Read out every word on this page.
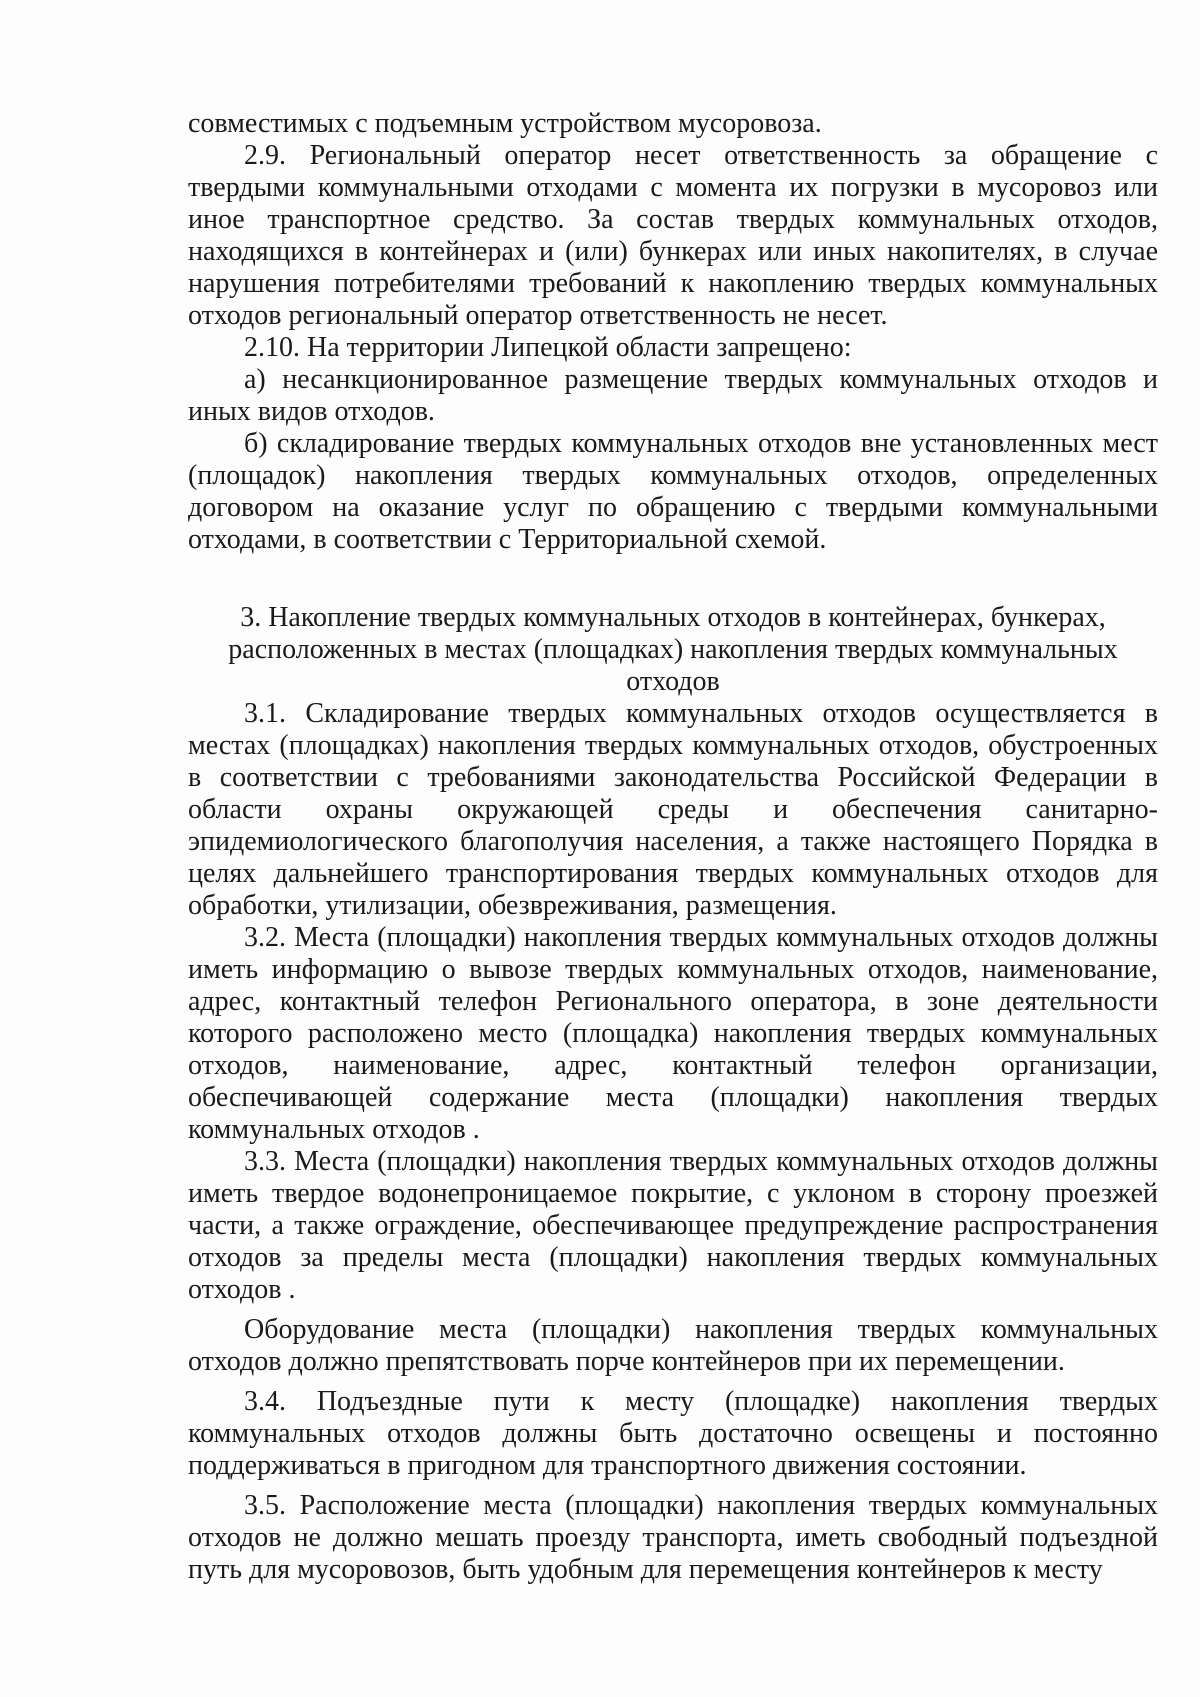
совместимых с подъемным устройством мусоровоза.

2.9. Региональный оператор несет ответственность за обращение с твердыми коммунальными отходами с момента их погрузки в мусоровоз или иное транспортное средство. За состав твердых коммунальных отходов, находящихся в контейнерах и (или) бункерах или иных накопителях, в случае нарушения потребителями требований к накоплению твердых коммунальных отходов региональный оператор ответственность не несет.

2.10. На территории Липецкой области запрещено:

а) несанкционированное размещение твердых коммунальных отходов и иных видов отходов.

б) складирование твердых коммунальных отходов вне установленных мест (площадок) накопления твердых коммунальных отходов, определенных договором на оказание услуг по обращению с твердыми коммунальными отходами, в соответствии с Территориальной схемой.

3. Накопление твердых коммунальных отходов в контейнерах, бункерах, расположенных в местах (площадках) накопления твердых коммунальных отходов

3.1. Складирование твердых коммунальных отходов осуществляется в местах (площадках) накопления твердых коммунальных отходов, обустроенных в соответствии с требованиями законодательства Российской Федерации в области охраны окружающей среды и обеспечения санитарно-эпидемиологического благополучия населения, а также настоящего Порядка в целях дальнейшего транспортирования твердых коммунальных отходов для обработки, утилизации, обезвреживания, размещения.

3.2. Места (площадки) накопления твердых коммунальных отходов должны иметь информацию о вывозе твердых коммунальных отходов, наименование, адрес, контактный телефон Регионального оператора, в зоне деятельности которого расположено место (площадка) накопления твердых коммунальных отходов, наименование, адрес, контактный телефон организации, обеспечивающей содержание места (площадки) накопления твердых коммунальных отходов .

3.3. Места (площадки) накопления твердых коммунальных отходов должны иметь твердое водонепроницаемое покрытие, с уклоном в сторону проезжей части, а также ограждение, обеспечивающее предупреждение распространения отходов за пределы места (площадки) накопления твердых коммунальных отходов .

Оборудование места (площадки) накопления твердых коммунальных отходов должно препятствовать порче контейнеров при их перемещении.

3.4. Подъездные пути к месту (площадке) накопления твердых коммунальных отходов должны быть достаточно освещены и постоянно поддерживаться в пригодном для транспортного движения состоянии.

3.5. Расположение места (площадки) накопления твердых коммунальных отходов не должно мешать проезду транспорта, иметь свободный подъездной путь для мусоровозов, быть удобным для перемещения контейнеров к месту
